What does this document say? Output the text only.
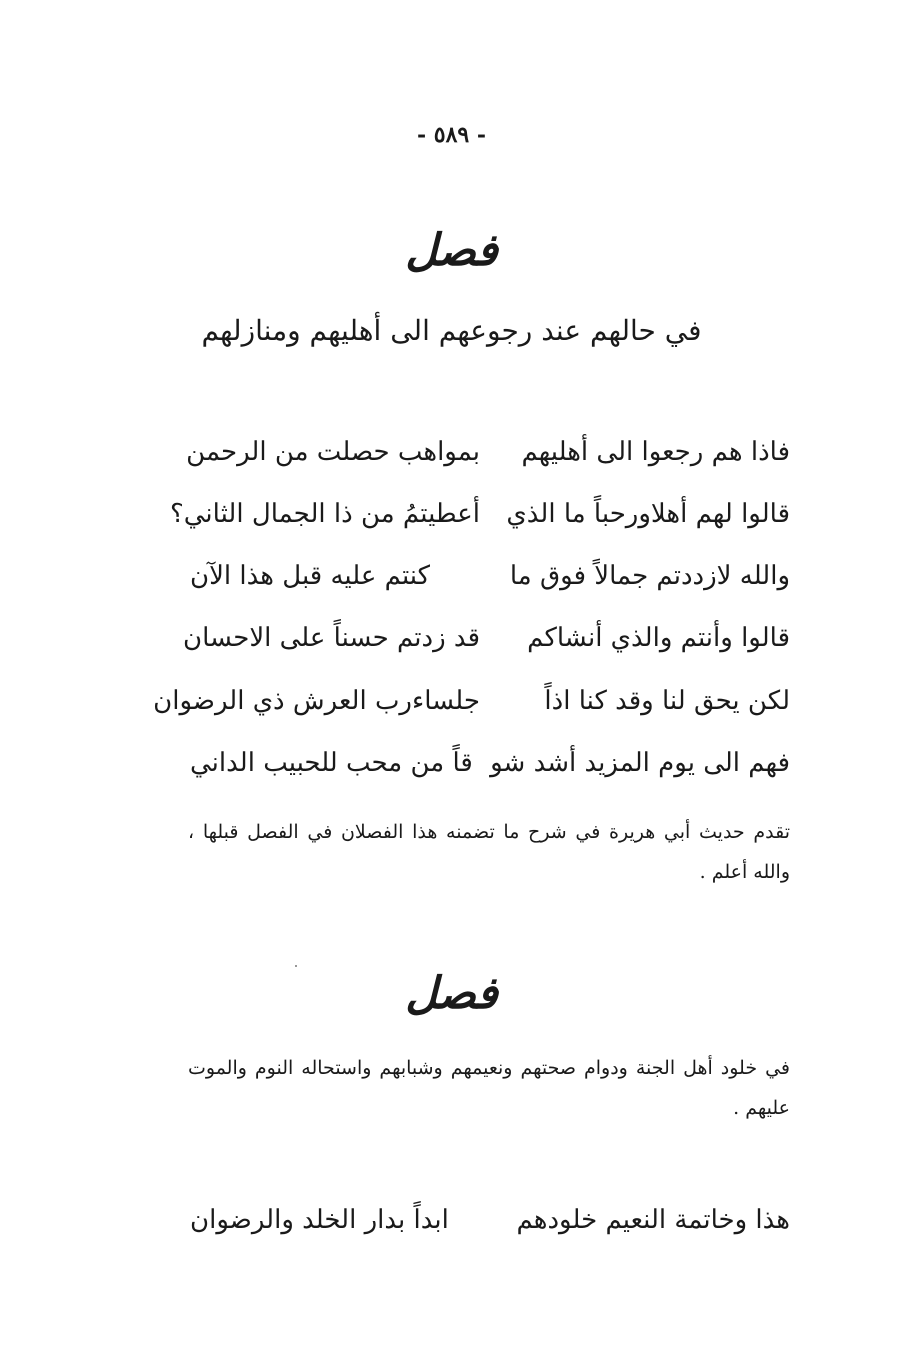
- ٥٨٩ -
فصل
في حالهم عند رجوعهم الى أهليهم ومنازلهم
فاذا هم رجعوا الى أهليهم
بمواهب حصلت من الرحمن
قالوا لهم أهلاورحباً ما الذي
أعطيتمُ من ذا الجمال الثاني؟
والله لازددتم جمالاً فوق ما
كنتم عليه قبل هذا الآن
قالوا وأنتم والذي أنشاكم
قد زدتم حسناً على الاحسان
لكن يحق لنا وقد كنا اذاً
جلساءرب العرش ذي الرضوان
فهم الى يوم المزيد أشد شو
قاً من محب للحبيب الداني
تقدم حديث أبي هريرة في شرح ما تضمنه هذا الفصلان في الفصل قبلها ، والله أعلم .
فصل
في خلود أهل الجنة ودوام صحتهم ونعيمهم وشبابهم واستحاله النوم والموت عليهم .
هذا وخاتمة النعيم خلودهم
ابداً بدار الخلد والرضوان
